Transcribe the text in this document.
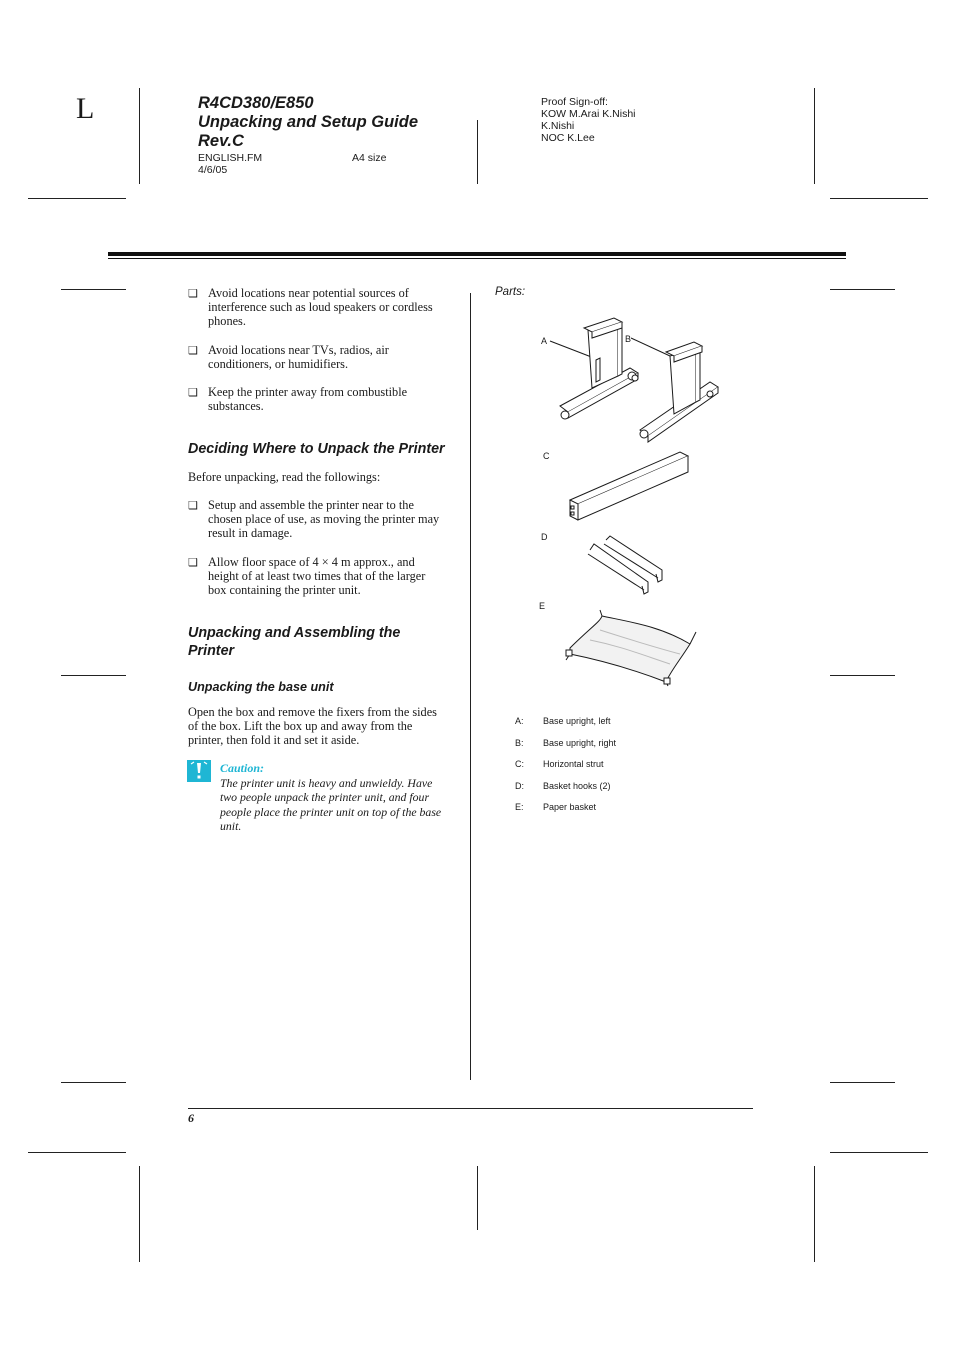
L	R4CD380/E850
Unpacking and Setup Guide
Rev.C
ENGLISH.FM
4/6/05
A4 size
Proof Sign-off:
KOW M.Arai K.Nishi
K.Nishi
NOC K.Lee
❑ Avoid locations near potential sources of
interference such as loud speakers or cordless
phones.
❑ Avoid locations near TVs, radios, air
conditioners, or humidifiers.
❑ Keep the printer away from combustible
substances.
Deciding Where to Unpack the Printer
Before unpacking, read the followings:
❑ Setup and assemble the printer near to the
chosen place of use, as moving the printer may
result in damage.
❑ Allow floor space of 4 × 4 m approx., and
height of at least two times that of the larger
box containing the printer unit.
Unpacking and Assembling the
Printer
Unpacking the base unit
Open the box and remove the fixers from the sides
of the box. Lift the box up and away from the
printer, then fold it and set it aside.
Caution:
The printer unit is heavy and unwieldy. Have
two people unpack the printer unit, and four
people place the printer unit on top of the base
unit.
Parts:
A	B
C
D
E
A: Base upright, left
B: Base upright, right
C: Horizontal strut
D: Basket hooks (2)
E: Paper basket
6
